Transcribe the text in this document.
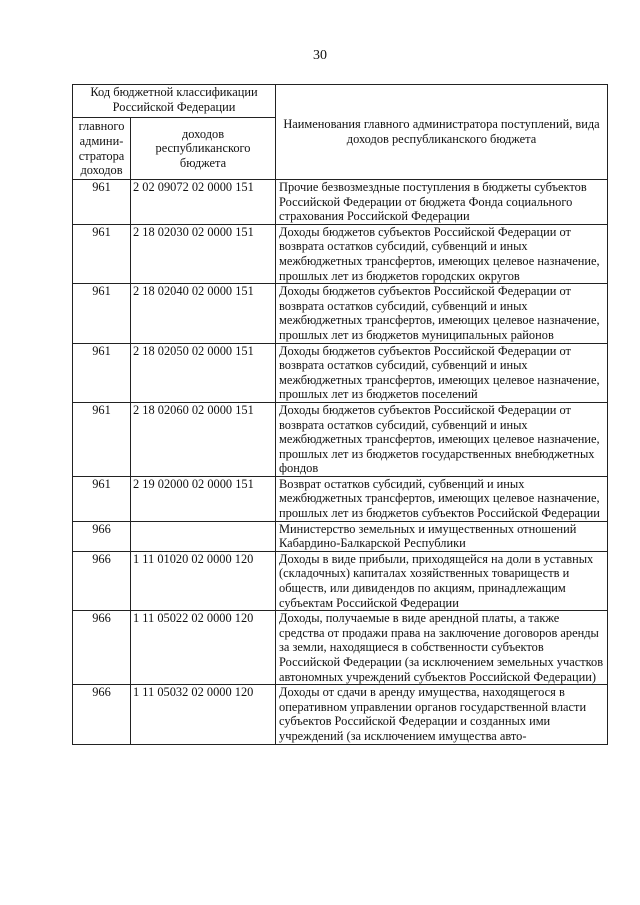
30
Код бюджетной классификации Российской Федерации		Наименования главного администратора поступлений, вида доходов республиканского бюджета
главного админи-стратора доходов	доходов республиканского бюджета	
961	2 02 09072 02 0000 151	Прочие безвозмездные поступления в бюджеты субъектов Российской Федерации от бюджета Фонда социального страхования Российской Федерации
961	2 18 02030 02 0000 151	Доходы бюджетов субъектов Российской Федерации от возврата остатков субсидий, субвенций и иных межбюджетных трансфертов, имеющих целевое назначение, прошлых лет из бюджетов городских округов
961	2 18 02040 02 0000 151	Доходы бюджетов субъектов Российской Федерации от возврата остатков субсидий, субвенций и иных межбюджетных трансфертов, имеющих целевое назначение, прошлых лет из бюджетов муниципальных районов
961	2 18 02050 02 0000 151	Доходы бюджетов субъектов Российской Федерации от возврата остатков субсидий, субвенций и иных межбюджетных трансфертов, имеющих целевое назначение, прошлых лет из бюджетов поселений
961	2 18 02060 02 0000 151	Доходы бюджетов субъектов Российской Федерации от возврата остатков субсидий, субвенций и иных межбюджетных трансфертов, имеющих целевое назначение, прошлых лет из бюджетов государственных внебюджетных фондов
961	2 19 02000 02 0000 151	Возврат остатков субсидий, субвенций и иных межбюджетных трансфертов, имеющих целевое назначение, прошлых лет из бюджетов субъектов Российской Федерации
966		Министерство земельных и имущественных отношений Кабардино-Балкарской Республики
966	1 11 01020 02 0000 120	Доходы в виде прибыли, приходящейся на доли в уставных (складочных) капиталах хозяйственных товариществ и обществ, или дивидендов по акциям, принадлежащим субъектам Российской Федерации
966	1 11 05022 02 0000 120	Доходы, получаемые в виде арендной платы, а также средства от продажи права на заключение договоров аренды за земли, находящиеся в собственности субъектов Российской Федерации (за исключением земельных участков автономных учреждений субъектов Российской Федерации)
966	1 11 05032 02 0000 120	Доходы от сдачи в аренду имущества, находящегося в оперативном управлении органов государственной власти субъектов Российской Федерации и созданных ими учреждений (за исключением имущества авто-
